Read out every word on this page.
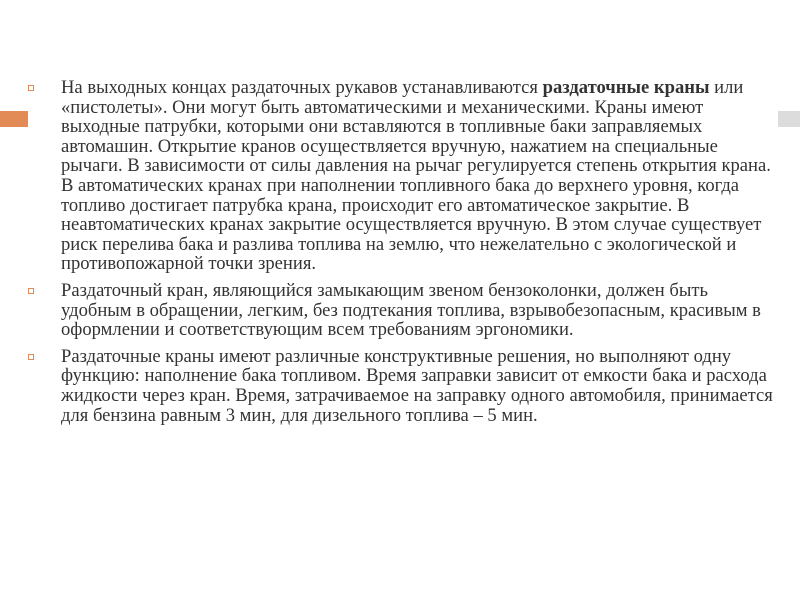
На выходных концах раздаточных рукавов устанавливаются раздаточные краны или «пистолеты». Они могут быть автоматическими и механическими. Краны имеют выходные патрубки, которыми они вставляются в топливные баки заправляемых автомашин. Открытие кранов осуществляется вручную, нажатием на специальные рычаги. В зависимости от силы давления на рычаг регулируется степень открытия крана. В автоматических кранах при наполнении топливного бака до верхнего уровня, когда топливо достигает патрубка крана, происходит его автоматическое закрытие. В неавтоматических кранах закрытие осуществляется вручную. В этом случае существует риск перелива бака и разлива топлива на землю, что нежелательно с экологической и противопожарной точки зрения.

Раздаточный кран, являющийся замыкающим звеном бензоколонки, должен быть удобным в обращении, легким, без подтекания топлива, взрывобезопасным, красивым в оформлении и соответствующим всем требованиям эргономики.

Раздаточные краны имеют различные конструктивные решения, но выполняют одну функцию: наполнение бака топливом. Время заправки зависит от емкости бака и расхода жидкости через кран. Время, затрачиваемое на заправку одного автомобиля, принимается для бензина равным 3 мин, для дизельного топлива – 5 мин.
